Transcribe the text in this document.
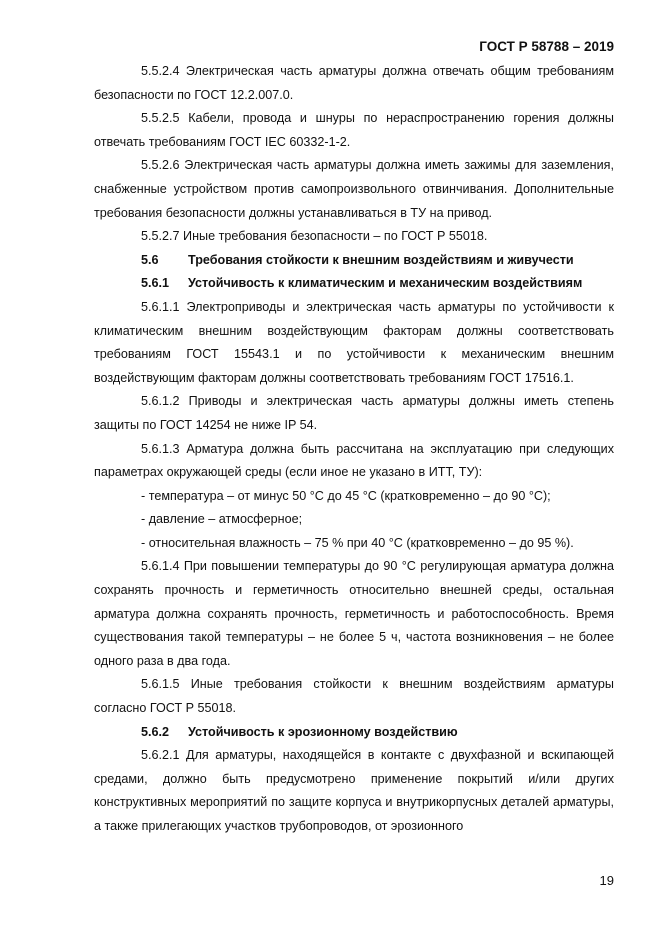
ГОСТ Р 58788 – 2019

5.5.2.4 Электрическая часть арматуры должна отвечать общим требованиям безопасности по ГОСТ 12.2.007.0.

5.5.2.5 Кабели, провода и шнуры по нераспространению горения должны отвечать требованиям ГОСТ IEC 60332-1-2.

5.5.2.6 Электрическая часть арматуры должна иметь зажимы для заземления, снабженные устройством против самопроизвольного отвинчивания. Дополнительные требования безопасности должны устанавливаться в ТУ на привод.

5.5.2.7 Иные требования безопасности – по ГОСТ Р 55018.

5.6 Требования стойкости к внешним воздействиям и живучести

5.6.1 Устойчивость к климатическим и механическим воздействиям

5.6.1.1 Электроприводы и электрическая часть арматуры по устойчивости к климатическим внешним воздействующим факторам должны соответствовать требованиям ГОСТ 15543.1 и по устойчивости к механическим внешним воздействующим факторам должны соответствовать требованиям ГОСТ 17516.1.

5.6.1.2 Приводы и электрическая часть арматуры должны иметь степень защиты по ГОСТ 14254 не ниже IP 54.

5.6.1.3 Арматура должна быть рассчитана на эксплуатацию при следующих параметрах окружающей среды (если иное не указано в ИТТ, ТУ):

- температура – от минус 50 °С до 45 °С (кратковременно – до 90 °С);

- давление – атмосферное;

- относительная влажность – 75 % при 40 °С (кратковременно – до 95 %).

5.6.1.4 При повышении температуры до 90 °С регулирующая арматура должна сохранять прочность и герметичность относительно внешней среды, остальная арматура должна сохранять прочность, герметичность и работоспособность. Время существования такой температуры – не более 5 ч, частота возникновения – не более одного раза в два года.

5.6.1.5 Иные требования стойкости к внешним воздействиям арматуры согласно ГОСТ Р 55018.

5.6.2 Устойчивость к эрозионному воздействию

5.6.2.1 Для арматуры, находящейся в контакте с двухфазной и вскипающей средами, должно быть предусмотрено применение покрытий и/или других конструктивных мероприятий по защите корпуса и внутрикорпусных деталей арматуры, а также прилегающих участков трубопроводов, от эрозионного

19
